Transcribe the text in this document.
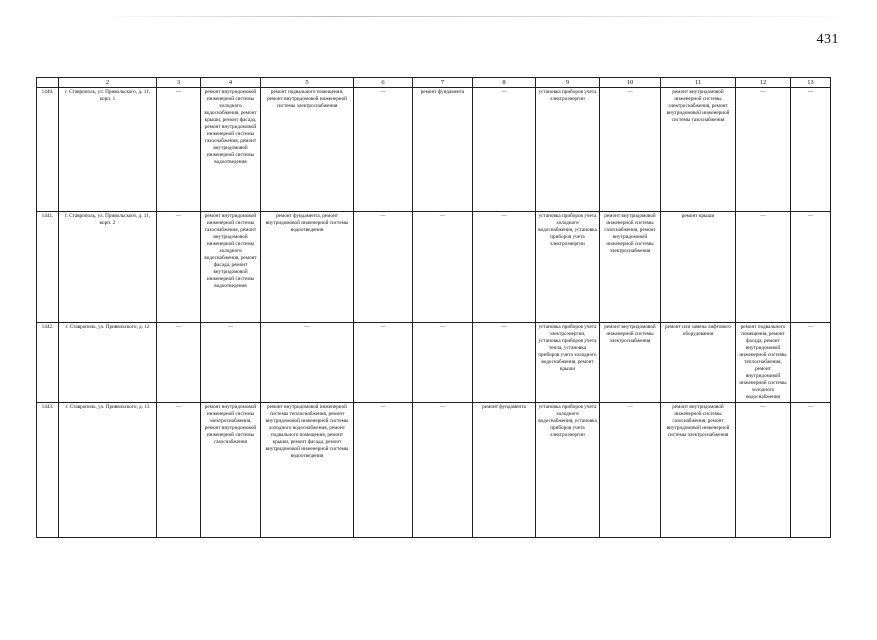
431
	2	3	4	5	6	7	8	9	10	11	12	13
1440.	г. Ставрополь, ул. Привольского, д. 11, корп. 1	—	ремонт внутридомовой инженерной системы холодного водоснабжения, ремонт крыши, ремонт фасада, ремонт внутридомовой инженерной системы газоснабжения, ремонт внутридомовой инженерной системы водоотведения	ремонт подвального помещения, ремонт внутридомовой инженерной системы электроснабжения	—	ремонт фундамента	—	установка приборов учета электроэнергии	—	ремонт внутридомовой инженерной системы электроснабжения, ремонт внутридомовой инженерной системы газоснабжения	—	—
1441.	г. Ставрополь, ул. Привольского, д. 11, корп. 2	—	ремонт внутридомовой инженерной системы газоснабжения, ремонт внутридомовой инженерной системы холодного водоснабжения, ремонт фасада, ремонт внутридомовой инженерной системы водоотведения	ремонт фундамента, ремонт внутридомовой инженерной системы водоотведения	—	—	—	установка приборов учета холодного водоснабжения, установка приборов учета электроэнергии	ремонт внутридомовой инженерной системы газоснабжения, ремонт внутридомовой инженерной системы электроснабжения	ремонт крыши	—	—
1442.	г. Ставрополь, ул. Привольского, д. 12	—	—	—	—	—	—	установка приборов учета электроэнергии, установка приборов учета тепла, установка приборов учета холодного водоснабжения, ремонт крыши	ремонт внутридомовой инженерной системы электроснабжения	ремонт или замена лифтового оборудования	ремонт подвального помещения, ремонт фасада, ремонт внутридомовой инженерной системы теплоснабжения, ремонт внутридомовой инженерной системы холодного водоснабжения	—
1443.	г. Ставрополь, ул. Привольского, д. 13	—	ремонт внутридомовой инженерной системы электроснабжения, ремонт внутридомовой инженерной системы газоснабжения	ремонт внутридомовой инженерной системы теплоснабжения, ремонт внутридомовой инженерной системы холодного водоснабжения, ремонт подвального помещения, ремонт крыши, ремонт фасада, ремонт внутридомовой инженерной системы водоотведения	—	—	ремонт фундамента	установка приборов учета холодного водоснабжения, установка приборов учета электроэнергии	—	ремонт внутридомовой инженерной системы газоснабжения, ремонт внутридомовой инженерной системы электроснабжения	—	—
